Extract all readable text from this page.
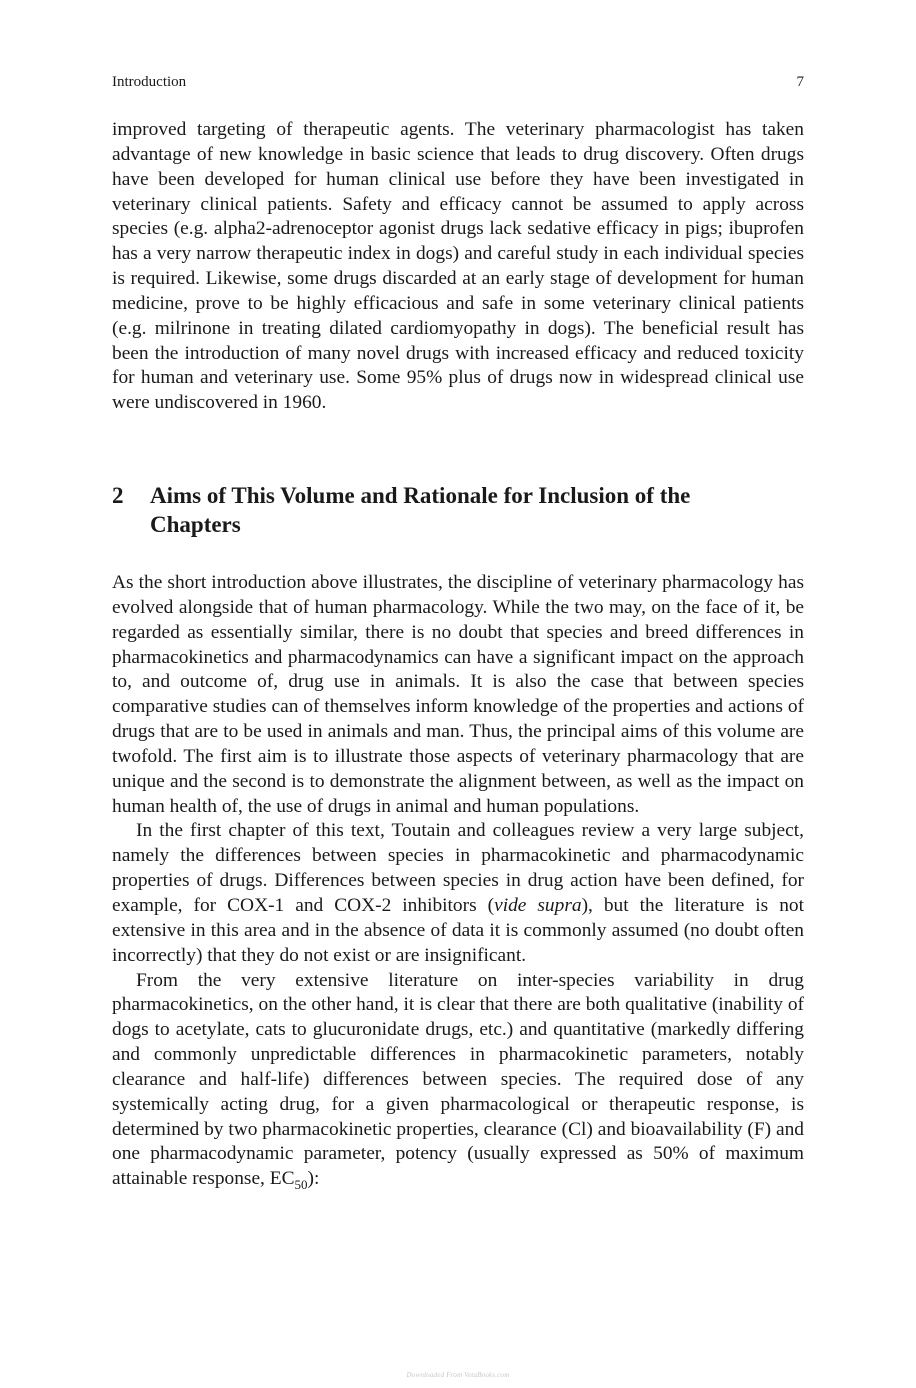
Introduction	7

improved targeting of therapeutic agents. The veterinary pharmacologist has taken advantage of new knowledge in basic science that leads to drug discovery. Often drugs have been developed for human clinical use before they have been investigated in veterinary clinical patients. Safety and efficacy cannot be assumed to apply across species (e.g. alpha2-adrenoceptor agonist drugs lack sedative efficacy in pigs; ibuprofen has a very narrow therapeutic index in dogs) and careful study in each individual species is required. Likewise, some drugs discarded at an early stage of development for human medicine, prove to be highly efficacious and safe in some veterinary clinical patients (e.g. milrinone in treating dilated cardiomyopathy in dogs). The beneficial result has been the introduction of many novel drugs with increased efficacy and reduced toxicity for human and veterinary use. Some 95% plus of drugs now in widespread clinical use were undiscovered in 1960.

2	Aims of This Volume and Rationale for Inclusion of the Chapters

As the short introduction above illustrates, the discipline of veterinary pharmacology has evolved alongside that of human pharmacology. While the two may, on the face of it, be regarded as essentially similar, there is no doubt that species and breed differences in pharmacokinetics and pharmacodynamics can have a significant impact on the approach to, and outcome of, drug use in animals. It is also the case that between species comparative studies can of themselves inform knowledge of the properties and actions of drugs that are to be used in animals and man. Thus, the principal aims of this volume are twofold. The first aim is to illustrate those aspects of veterinary pharmacology that are unique and the second is to demonstrate the alignment between, as well as the impact on human health of, the use of drugs in animal and human populations.

In the first chapter of this text, Toutain and colleagues review a very large subject, namely the differences between species in pharmacokinetic and pharmacodynamic properties of drugs. Differences between species in drug action have been defined, for example, for COX-1 and COX-2 inhibitors (vide supra), but the literature is not extensive in this area and in the absence of data it is commonly assumed (no doubt often incorrectly) that they do not exist or are insignificant.

From the very extensive literature on inter-species variability in drug pharmacokinetics, on the other hand, it is clear that there are both qualitative (inability of dogs to acetylate, cats to glucuronidate drugs, etc.) and quantitative (markedly differing and commonly unpredictable differences in pharmacokinetic parameters, notably clearance and half-life) differences between species. The required dose of any systemically acting drug, for a given pharmacological or therapeutic response, is determined by two pharmacokinetic properties, clearance (Cl) and bioavailability (F) and one pharmacodynamic parameter, potency (usually expressed as 50% of maximum attainable response, $EC_{50}$):

Downloaded From VetaBooks.com
